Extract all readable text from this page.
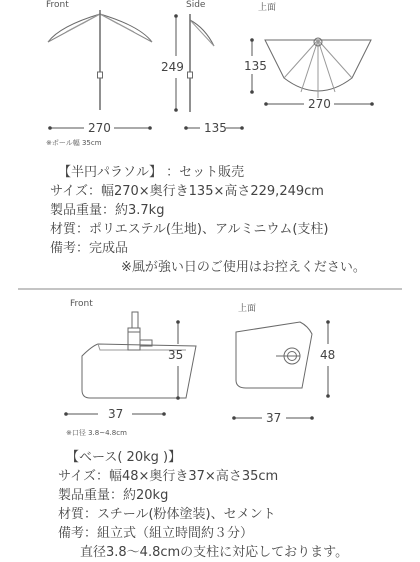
Front	Side	上面
270
249
135
135
270
※ポール幅 35cm
【半円パラソル】 ：セット販売
サイズ：幅270×奥行き135×高さ229,249cm
製品重量：約3.7kg
材質：ポリエステル(生地)、アルミニウム(支柱)
備考：完成品
※風が強い日のご使用はお控えください。
Front	上面
35
37
48
37
※口径 3.8~4.8cm
【ベース( 20kg )】
サイズ：幅48×奥行き37×高さ35cm
製品重量：約20kg
材質：スチール(粉体塗装)、セメント
備考：組立式（組立時間約３分）
直径3.8～4.8cmの支柱に対応しております。
